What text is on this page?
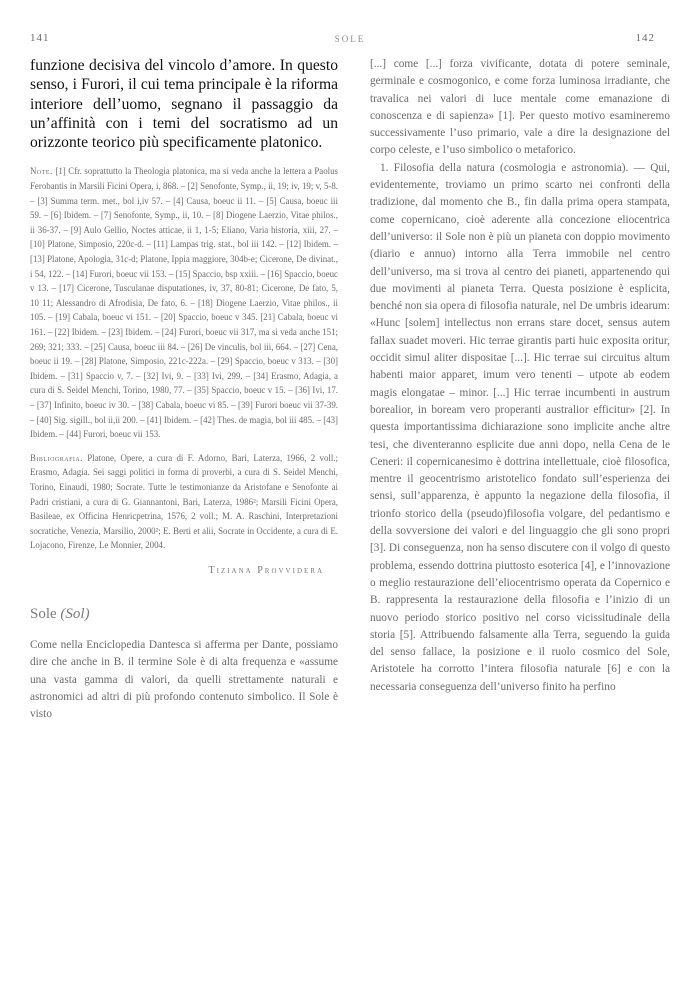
141	SOLE	142

funzione decisiva del vincolo d’amore. In questo senso, i Furori, il cui tema principale è la riforma interiore dell’uomo, segnano il passaggio da un’affinità con i temi del socratismo ad un orizzonte teorico più specificamente platonico.

Note. [1] Cfr. soprattutto la Theologia platonica, ma si veda anche la lettera a Paolus Ferobantis in Marsili Ficini Opera, i, 868. – [2] Senofonte, Symp., ii, 19; iv, 19; v, 5-8. – [3] Summa term. met., bol i,iv 57. – [4] Causa, boeuc ii 11. – [5] Causa, boeuc iii 59. – [6] Ibidem. – [7] Senofonte, Symp., ii, 10. – [8] Diogene Laerzio, Vitae philos., ii 36-37. – [9] Aulo Gellio, Noctes atticae, ii 1, 1-5; Eliano, Varia historia, xiii, 27. – [10] Platone, Simposio, 220c-d. – [11] Lampas trig. stat., bol iii 142. – [12] Ibidem. – [13] Platone, Apologia, 31c-d; Platone, Ippia maggiore, 304b-e; Cicerone, De divinat., i 54, 122. – [14] Furori, boeuc vii 153. – [15] Spaccio, bsp xxiii. – [16] Spaccio, boeuc v 13. – [17] Cicerone, Tusculanae disputationes, iv, 37, 80-81; Cicerone, De fato, 5, 10 11; Alessandro di Afrodisia, De fato, 6. – [18] Diogene Laerzio, Vitae philos., ii 105. – [19] Cabala, boeuc vi 151. – [20] Spaccio, boeuc v 345. [21] Cabala, boeuc vi 161. – [22] Ibidem. – [23] Ibidem. – [24] Furori, boeuc vii 317, ma si veda anche 151; 269; 321; 333. – [25] Causa, boeuc iii 84. – [26] De vinculis, bol iii, 664. – [27] Cena, boeuc ii 19. – [28] Platone, Simposio, 221c-222a. – [29] Spaccio, boeuc v 313. – [30] Ibidem. – [31] Spaccio v, 7. – [32] Ivi, 9. – [33] Ivi, 299. – [34] Erasmo, Adagia, a cura di S. Seidel Menchi, Torino, 1980, 77. – [35] Spaccio, boeuc v 15. – [36] Ivi, 17. – [37] Infinito, boeuc iv 30. – [38] Cabala, boeuc vi 85. – [39] Furori boeuc vii 37-39. – [40] Sig. sigill., bol ii,ii 200. – [41] Ibidem. – [42] Thes. de magia, bol iii 485. – [43] Ibidem. – [44] Furori, boeuc vii 153.

Bibliografia. Platone, Opere, a cura di F. Adorno, Bari, Laterza, 1966, 2 voll.; Erasmo, Adagia. Sei saggi politici in forma di proverbi, a cura di S. Seidel Menchi, Torino, Einaudi, 1980; Socrate. Tutte le testimonianze da Aristofane e Senofonte ai Padri cristiani, a cura di G. Giannantoni, Bari, Laterza, 1986²; Marsili Ficini Opera, Basileae, ex Officina Henricpetrina, 1576, 2 voll.; M. A. Raschini, Interpretazioni socratiche, Venezia, Marsilio, 2000²; E. Berti et alii, Socrate in Occidente, a cura di E. Lojacono, Firenze, Le Monnier, 2004.

Tiziana Provvidera
Sole (Sol)

Come nella Enciclopedia Dantesca si afferma per Dante, possiamo dire che anche in B. il termine Sole è di alta frequenza e «assume una vasta gamma di valori, da quelli strettamente naturali e astronomici ad altri di più profondo contenuto simbolico. Il Sole è visto

[...] come [...] forza vivificante, dotata di potere seminale, germinale e cosmogonico, e come forza luminosa irradiante, che travalica nei valori di luce mentale come emanazione di conoscenza e di sapienza» [1]. Per questo motivo esamineremo successivamente l’uso primario, vale a dire la designazione del corpo celeste, e l’uso simbolico o metaforico.

1. Filosofia della natura (cosmologia e astronomia). — Qui, evidentemente, troviamo un primo scarto nei confronti della tradizione, dal momento che B., fin dalla prima opera stampata, come copernicano, cioè aderente alla concezione eliocentrica dell’universo: il Sole non è più un pianeta con doppio movimento (diario e annuo) intorno alla Terra immobile nel centro dell’universo, ma si trova al centro dei pianeti, appartenendo qui due movimenti al pianeta Terra. Questa posizione è esplicita, benché non sia opera di filosofia naturale, nel De umbris idearum: «Hunc [solem] intellectus non errans stare docet, sensus autem fallax suadet moveri. Hic terrae girantis parti huic exposita oritur, occidit simul aliter dispositae [...]. Hic terrae sui circuitus altum habenti maior apparet, imum vero tenenti – utpote ab eodem magis elongatae – minor. [...] Hic terrae incumbenti in austrum borealior, in boream vero properanti australior efficitur» [2]. In questa importantissima dichiarazione sono implicite anche altre tesi, che diventeranno esplicite due anni dopo, nella Cena de le Ceneri: il copernicanesimo è dottrina intellettuale, cioè filosofica, mentre il geocentrismo aristotelico fondato sull’esperienza dei sensi, sull’apparenza, è appunto la negazione della filosofia, il trionfo storico della (pseudo)filosofia volgare, del pedantismo e della sovversione dei valori e del linguaggio che gli sono propri [3]. Di conseguenza, non ha senso discutere con il volgo di questo problema, essendo dottrina piuttosto esoterica [4], e l’innovazione o meglio restaurazione dell’eliocentrismo operata da Copernico e B. rappresenta la restaurazione della filosofia e l’inizio di un nuovo periodo storico positivo nel corso vicissitudinale della storia [5]. Attribuendo falsamente alla Terra, seguendo la guida del senso fallace, la posizione e il ruolo cosmico del Sole, Aristotele ha corrotto l’intera filosofia naturale [6] e con la necessaria conseguenza dell’universo finito ha perfino
